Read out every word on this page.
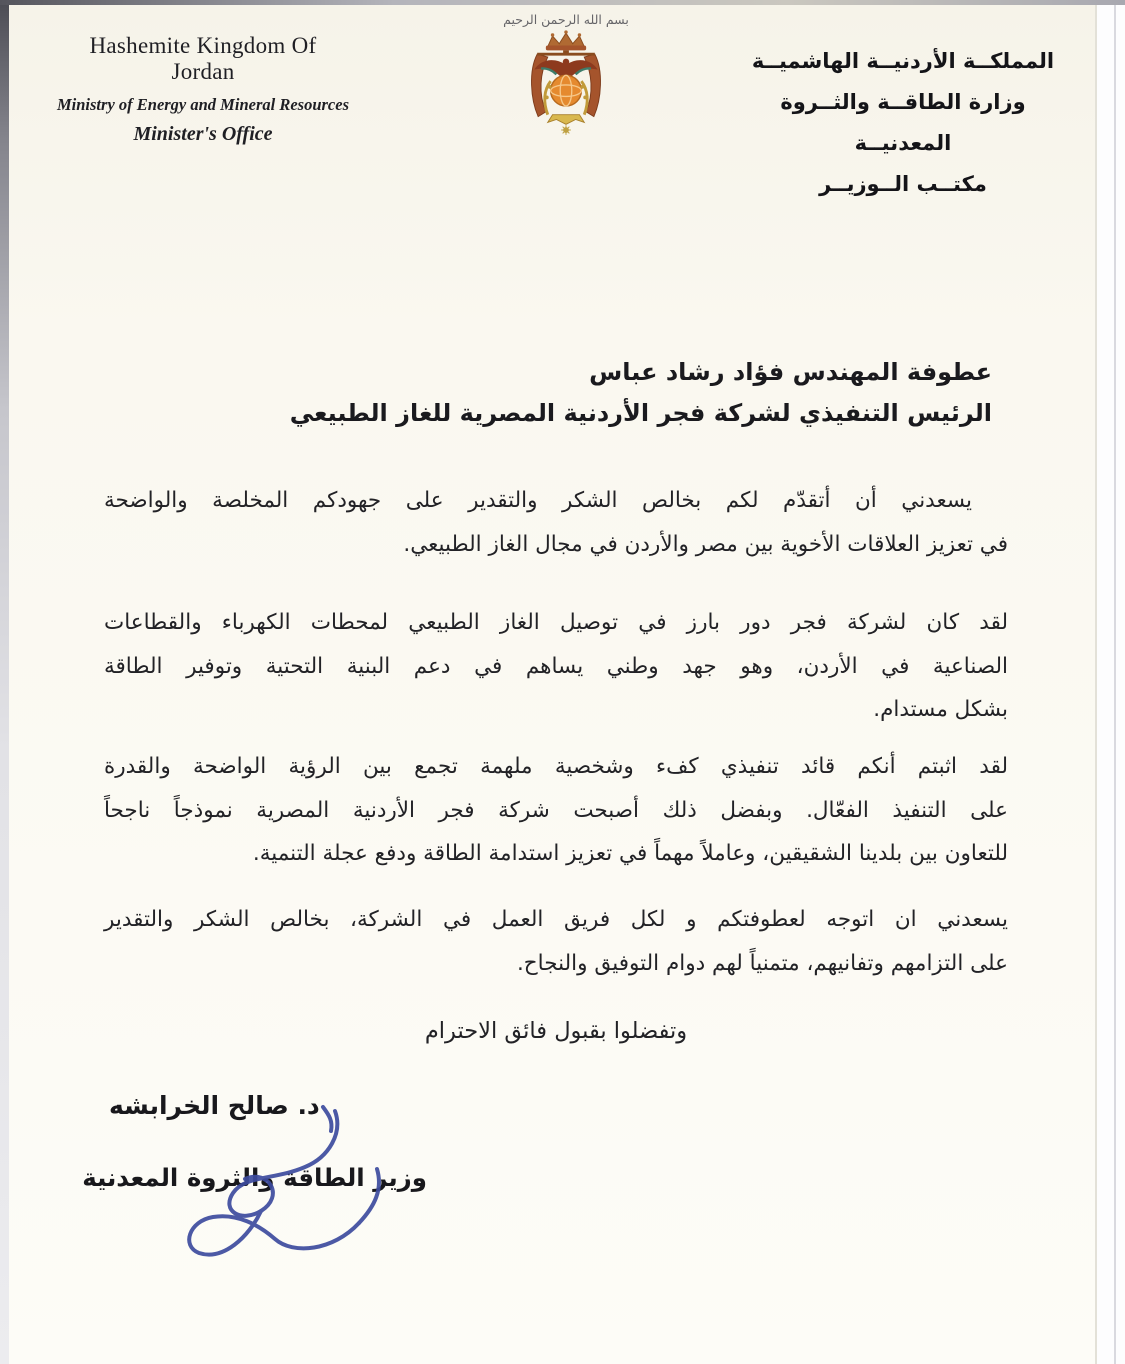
Hashemite Kingdom Of Jordan
Ministry of Energy and Mineral Resources
Minister's Office
بسم الله الرحمن الرحيم
المملكــة الأردنيــة الهاشميــة
وزارة الطاقــة والثــروة المعدنيــة
مكتــب الــوزيــر
عطوفة المهندس فؤاد رشاد عباس
الرئيس التنفيذي لشركة فجر الأردنية المصرية للغاز الطبيعي
يسعدني أن أتقدّم لكم بخالص الشكر والتقدير على جهودكم المخلصة والواضحة
في تعزيز العلاقات الأخوية بين مصر والأردن في مجال الغاز الطبيعي.
لقد كان لشركة فجر دور بارز في توصيل الغاز الطبيعي لمحطات الكهرباء والقطاعات
الصناعية في الأردن، وهو جهد وطني يساهم في دعم البنية التحتية وتوفير الطاقة
بشكل مستدام.
لقد اثبتم أنكم قائد تنفيذي كفء وشخصية ملهمة تجمع بين الرؤية الواضحة والقدرة
على التنفيذ الفعّال. وبفضل ذلك أصبحت شركة فجر الأردنية المصرية نموذجاً ناجحاً
للتعاون بين بلدينا الشقيقين، وعاملاً مهماً في تعزيز استدامة الطاقة ودفع عجلة التنمية.
يسعدني ان اتوجه لعطوفتكم و لكل فريق العمل في الشركة، بخالص الشكر والتقدير
على التزامهم وتفانيهم، متمنياً لهم دوام التوفيق والنجاح.
وتفضلوا بقبول فائق الاحترام
د. صالح الخرابشه
وزير الطاقة والثروة المعدنية
